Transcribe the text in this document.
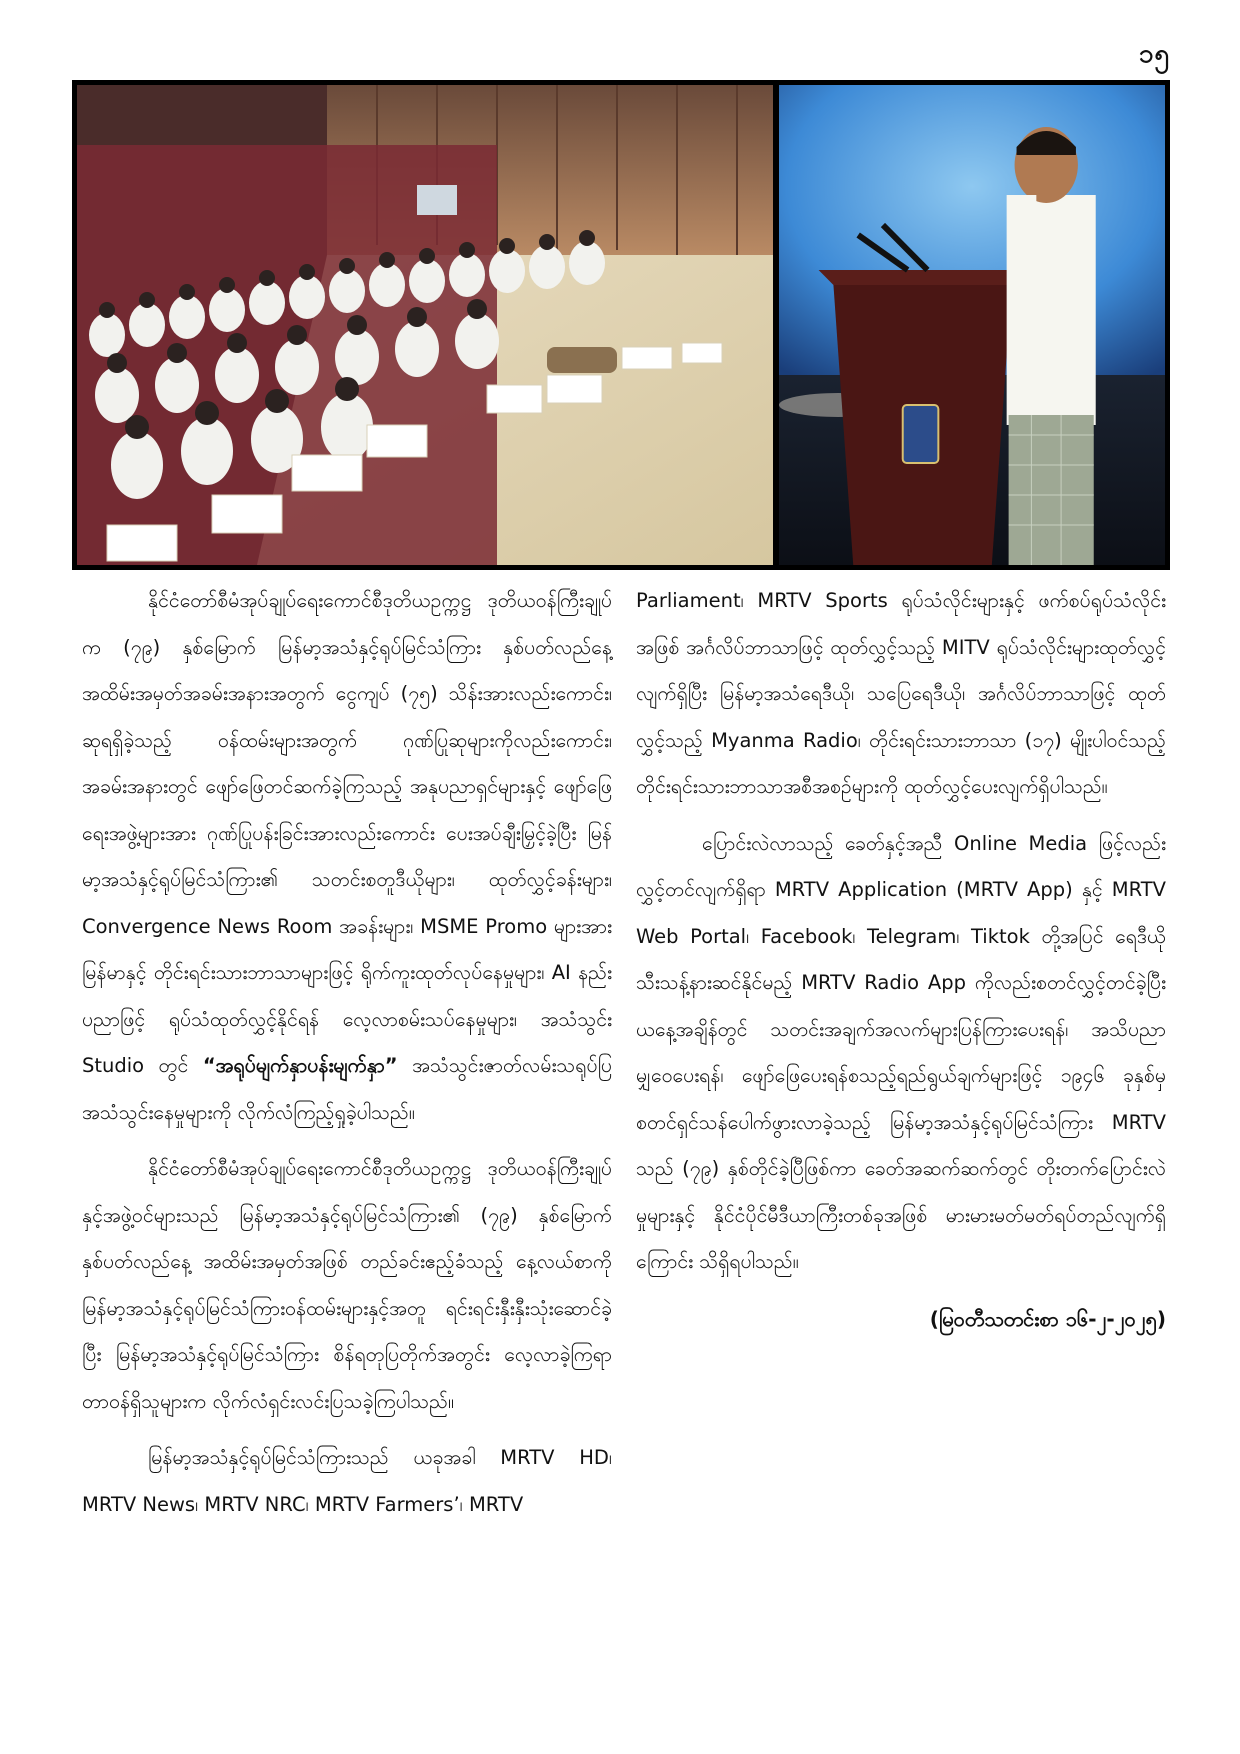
၁၅

နိုင်ငံတော်စီမံအုပ်ချုပ်ရေးကောင်စီဒုတိယဥက္ကဋ္ဌ ဒုတိယဝန်ကြီးချုပ်က (၇၉) နှစ်မြောက် မြန်မာ့အသံနှင့်ရုပ်မြင်သံကြား နှစ်ပတ်လည်နေ့ အထိမ်းအမှတ်အခမ်းအနားအတွက် ငွေကျပ် (၇၅) သိန်းအားလည်းကောင်း၊ ဆုရရှိခဲ့သည့် ဝန်ထမ်းများအတွက် ဂုဏ်ပြုဆုများကိုလည်းကောင်း၊ အခမ်းအနားတွင် ဖျော်ဖြေတင်ဆက်ခဲ့ကြသည့် အနုပညာရှင်များနှင့် ဖျော်ဖြေရေးအဖွဲ့များအား ဂုဏ်ပြုပန်းခြင်းအားလည်းကောင်း ပေးအပ်ချီးမြှင့်ခဲ့ပြီး မြန်မာ့အသံနှင့်ရုပ်မြင်သံကြား၏ သတင်းစတူဒီယိုများ၊ ထုတ်လွှင့်ခန်းများ၊ Convergence News Room အခန်းများ၊ MSME Promo များအား မြန်မာနှင့် တိုင်းရင်းသားဘာသာများဖြင့် ရိုက်ကူးထုတ်လုပ်နေမှုများ၊ AI နည်းပညာဖြင့် ရုပ်သံထုတ်လွှင့်နိုင်ရန် လေ့လာစမ်းသပ်နေမှုများ၊ အသံသွင်း Studio တွင် “အရုပ်မျက်နှာပန်းမျက်နှာ” အသံသွင်းဇာတ်လမ်းသရုပ်ပြ အသံသွင်းနေမှုများကို လိုက်လံကြည့်ရှုခဲ့ပါသည်။

နိုင်ငံတော်စီမံအုပ်ချုပ်ရေးကောင်စီဒုတိယဥက္ကဋ္ဌ ဒုတိယဝန်ကြီးချုပ်နှင့်အဖွဲ့ဝင်များသည် မြန်မာ့အသံနှင့်ရုပ်မြင်သံကြား၏ (၇၉) နှစ်မြောက်နှစ်ပတ်လည်နေ့ အထိမ်းအမှတ်အဖြစ် တည်ခင်းဧည့်ခံသည့် နေ့လယ်စာကို မြန်မာ့အသံနှင့်ရုပ်မြင်သံကြားဝန်ထမ်းများနှင့်အတူ ရင်းရင်းနှီးနှီးသုံးဆောင်ခဲ့ပြီး မြန်မာ့အသံနှင့်ရုပ်မြင်သံကြား စိန်ရတုပြတိုက်အတွင်း လေ့လာခဲ့ကြရာ တာဝန်ရှိသူများက လိုက်လံရှင်းလင်းပြသခဲ့ကြပါသည်။

မြန်မာ့အသံနှင့်ရုပ်မြင်သံကြားသည် ယခုအခါ MRTV HD၊ MRTV News၊ MRTV NRC၊ MRTV Farmers’၊ MRTV

Parliament၊ MRTV Sports ရုပ်သံလိုင်းများနှင့် ဖက်စပ်ရုပ်သံလိုင်းအဖြစ် အင်္ဂလိပ်ဘာသာဖြင့် ထုတ်လွှင့်သည့် MITV ရုပ်သံလိုင်းများထုတ်လွှင့်လျက်ရှိပြီး မြန်မာ့အသံရေဒီယို၊ သပြေရေဒီယို၊ အင်္ဂလိပ်ဘာသာဖြင့် ထုတ်လွှင့်သည့် Myanma Radio၊ တိုင်းရင်းသားဘာသာ (၁၇) မျိုးပါဝင်သည့် တိုင်းရင်းသားဘာသာအစီအစဉ်များကို ထုတ်လွှင့်ပေးလျက်ရှိပါသည်။

ပြောင်းလဲလာသည့် ခေတ်နှင့်အညီ Online Media ဖြင့်လည်း လွှင့်တင်လျက်ရှိရာ MRTV Application (MRTV App) နှင့် MRTV Web Portal၊ Facebook၊ Telegram၊ Tiktok တို့အပြင် ရေဒီယိုသီးသန့်နားဆင်နိုင်မည့် MRTV Radio App ကိုလည်းစတင်လွှင့်တင်ခဲ့ပြီး ယနေ့အချိန်တွင် သတင်းအချက်အလက်များပြန်ကြားပေးရန်၊ အသိပညာမျှဝေပေးရန်၊ ဖျော်ဖြေပေးရန်စသည့်ရည်ရွယ်ချက်များဖြင့် ၁၉၄၆ ခုနှစ်မှ စတင်ရှင်သန်ပေါက်ဖွားလာခဲ့သည့် မြန်မာ့အသံနှင့်ရုပ်မြင်သံကြား MRTV သည် (၇၉) နှစ်တိုင်ခဲ့ပြီဖြစ်ကာ ခေတ်အဆက်ဆက်တွင် တိုးတက်ပြောင်းလဲမှုများနှင့် နိုင်ငံပိုင်မီဒီယာကြီးတစ်ခုအဖြစ် မားမားမတ်မတ်ရပ်တည်လျက်ရှိကြောင်း သိရှိရပါသည်။

(မြဝတီသတင်းစာ ၁၆-၂-၂၀၂၅)
